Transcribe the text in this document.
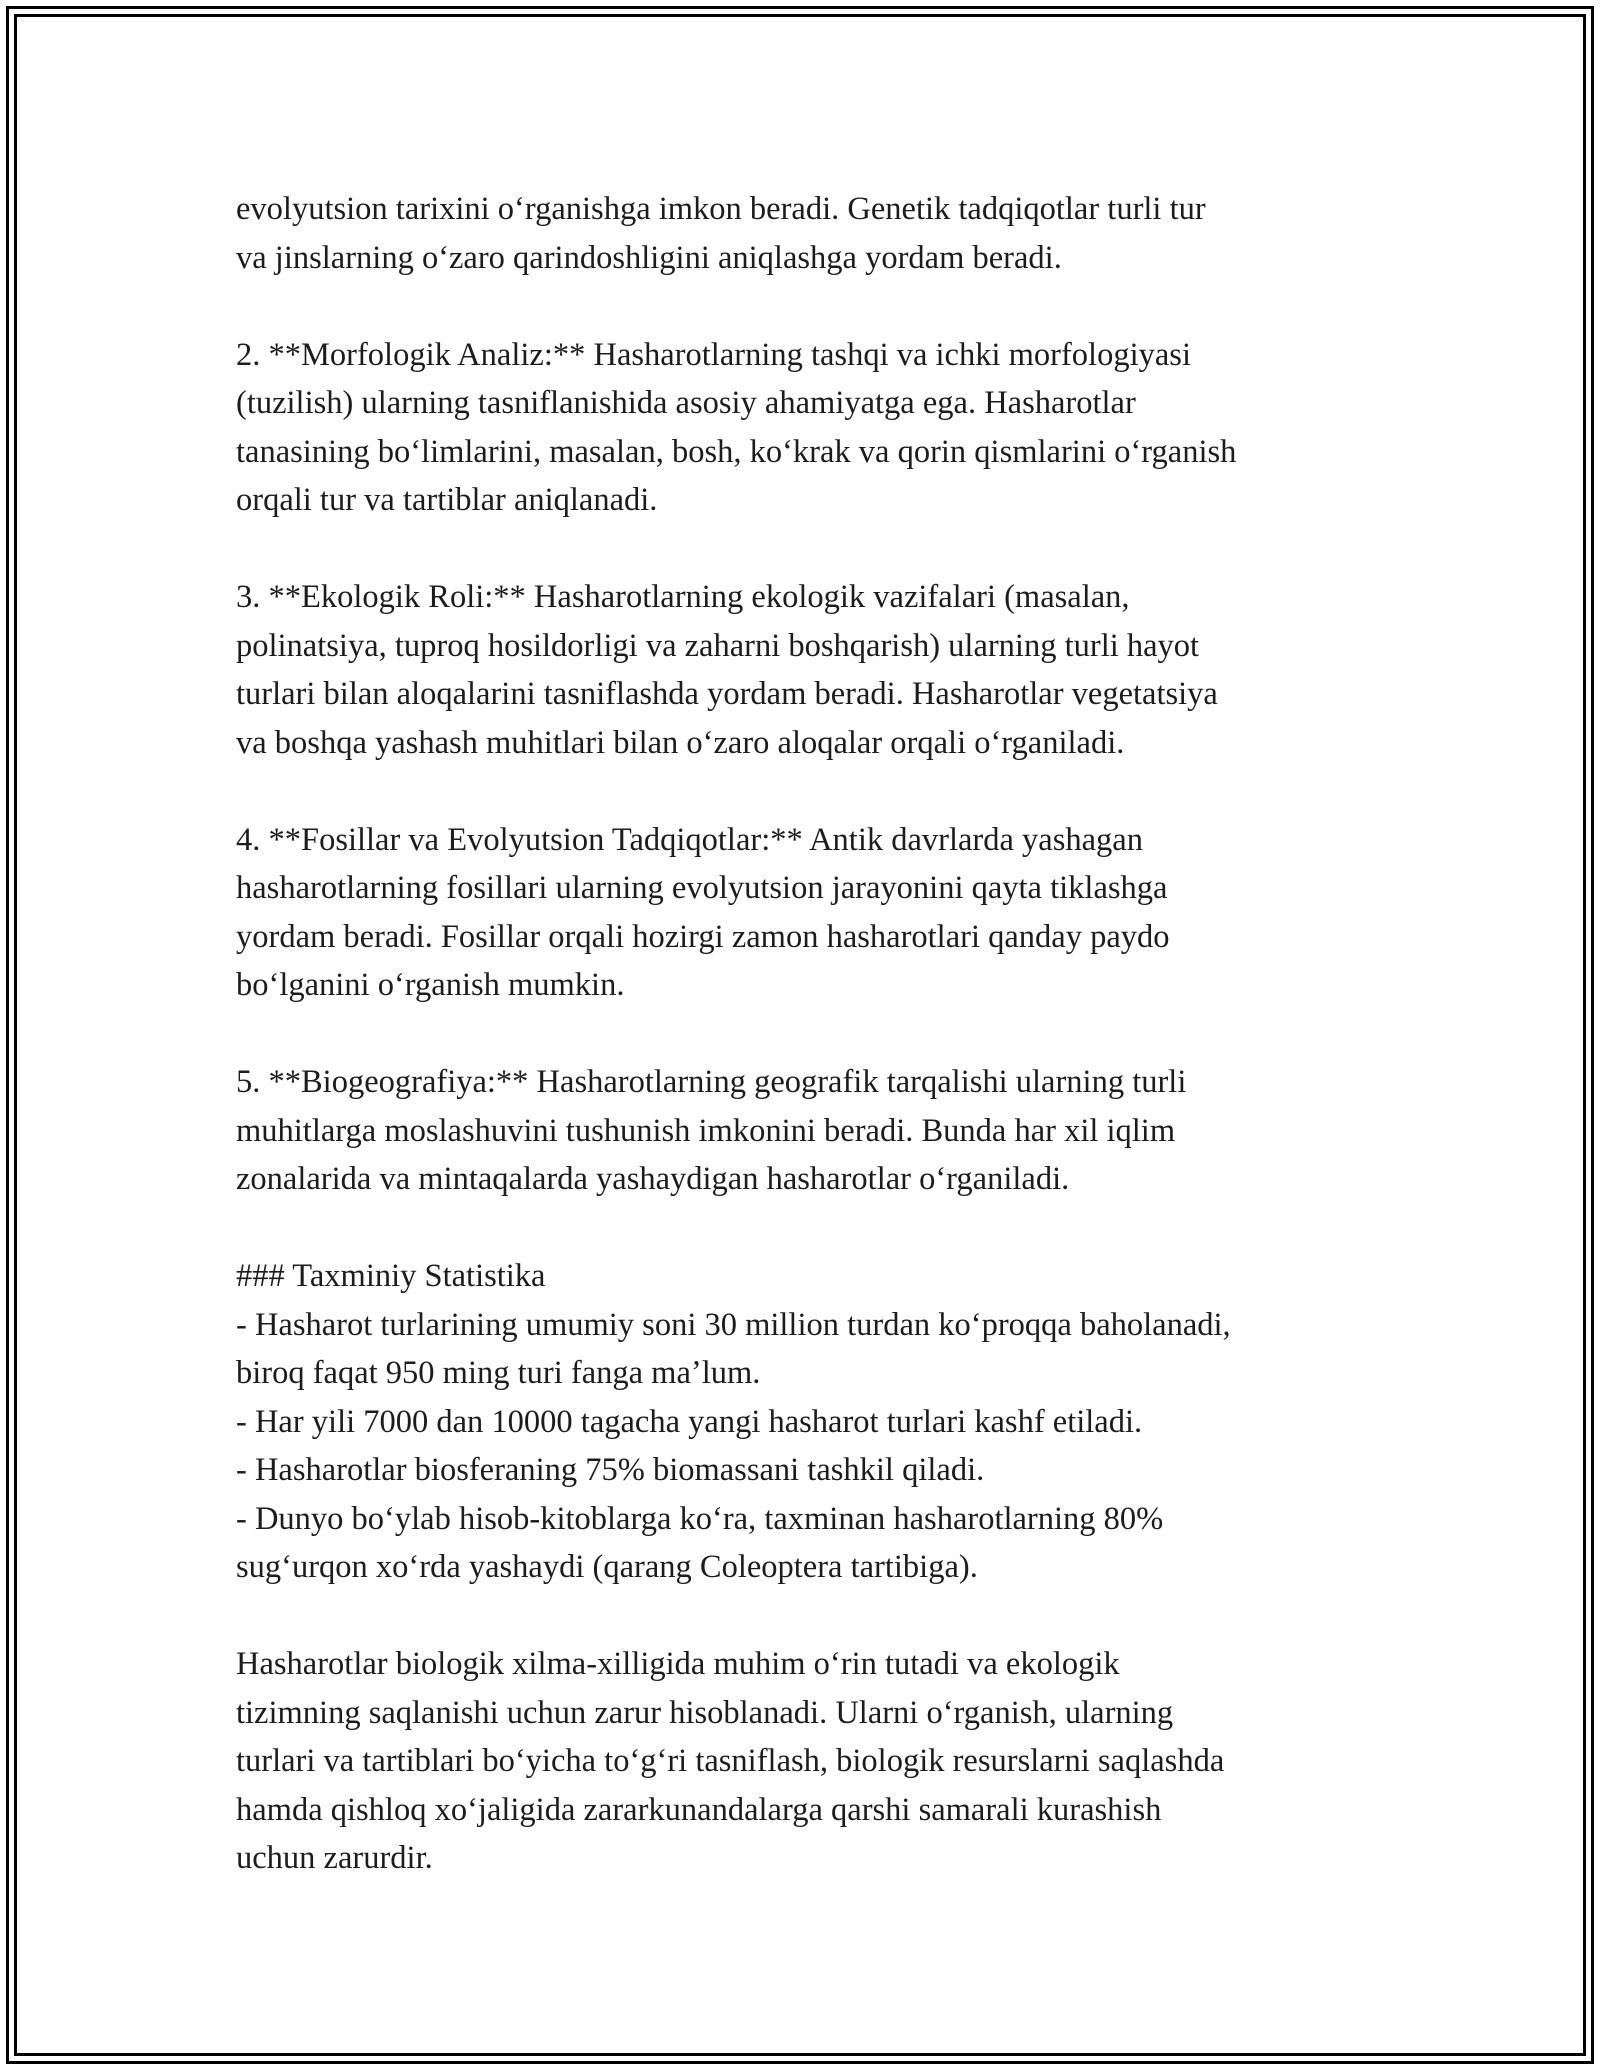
evolyutsion tarixini oʻrganishga imkon beradi. Genetik tadqiqotlar turli tur
va jinslarning oʻzaro qarindoshligini aniqlashga yordam beradi.
2. **Morfologik Analiz:** Hasharotlarning tashqi va ichki morfologiyasi
(tuzilish) ularning tasniflanishida asosiy ahamiyatga ega. Hasharotlar
tanasining boʻlimlarini, masalan, bosh, koʻkrak va qorin qismlarini oʻrganish
orqali tur va tartiblar aniqlanadi.
3. **Ekologik Roli:** Hasharotlarning ekologik vazifalari (masalan,
polinatsiya, tuproq hosildorligi va zaharni boshqarish) ularning turli hayot
turlari bilan aloqalarini tasniflashda yordam beradi. Hasharotlar vegetatsiya
va boshqa yashash muhitlari bilan oʻzaro aloqalar orqali oʻrganiladi.
4. **Fosillar va Evolyutsion Tadqiqotlar:** Antik davrlarda yashagan
hasharotlarning fosillari ularning evolyutsion jarayonini qayta tiklashga
yordam beradi. Fosillar orqali hozirgi zamon hasharotlari qanday paydo
boʻlganini oʻrganish mumkin.
5. **Biogeografiya:** Hasharotlarning geografik tarqalishi ularning turli
muhitlarga moslashuvini tushunish imkonini beradi. Bunda har xil iqlim
zonalarida va mintaqalarda yashaydigan hasharotlar oʻrganiladi.
### Taxminiy Statistika
- Hasharot turlarining umumiy soni 30 million turdan koʻproqqa baholanadi,
biroq faqat 950 ming turi fanga maʼlum.
- Har yili 7000 dan 10000 tagacha yangi hasharot turlari kashf etiladi.
- Hasharotlar biosferaning 75% biomassani tashkil qiladi.
- Dunyo boʻylab hisob-kitoblarga koʻra, taxminan hasharotlarning 80%
sugʻurqon xoʻrda yashaydi (qarang Coleoptera tartibiga).
Hasharotlar biologik xilma-xilligida muhim oʻrin tutadi va ekologik
tizimning saqlanishi uchun zarur hisoblanadi. Ularni oʻrganish, ularning
turlari va tartiblari boʻyicha toʻgʻri tasniflash, biologik resurslarni saqlashda
hamda qishloq xoʻjaligida zararkunandalarga qarshi samarali kurashish
uchun zarurdir.
